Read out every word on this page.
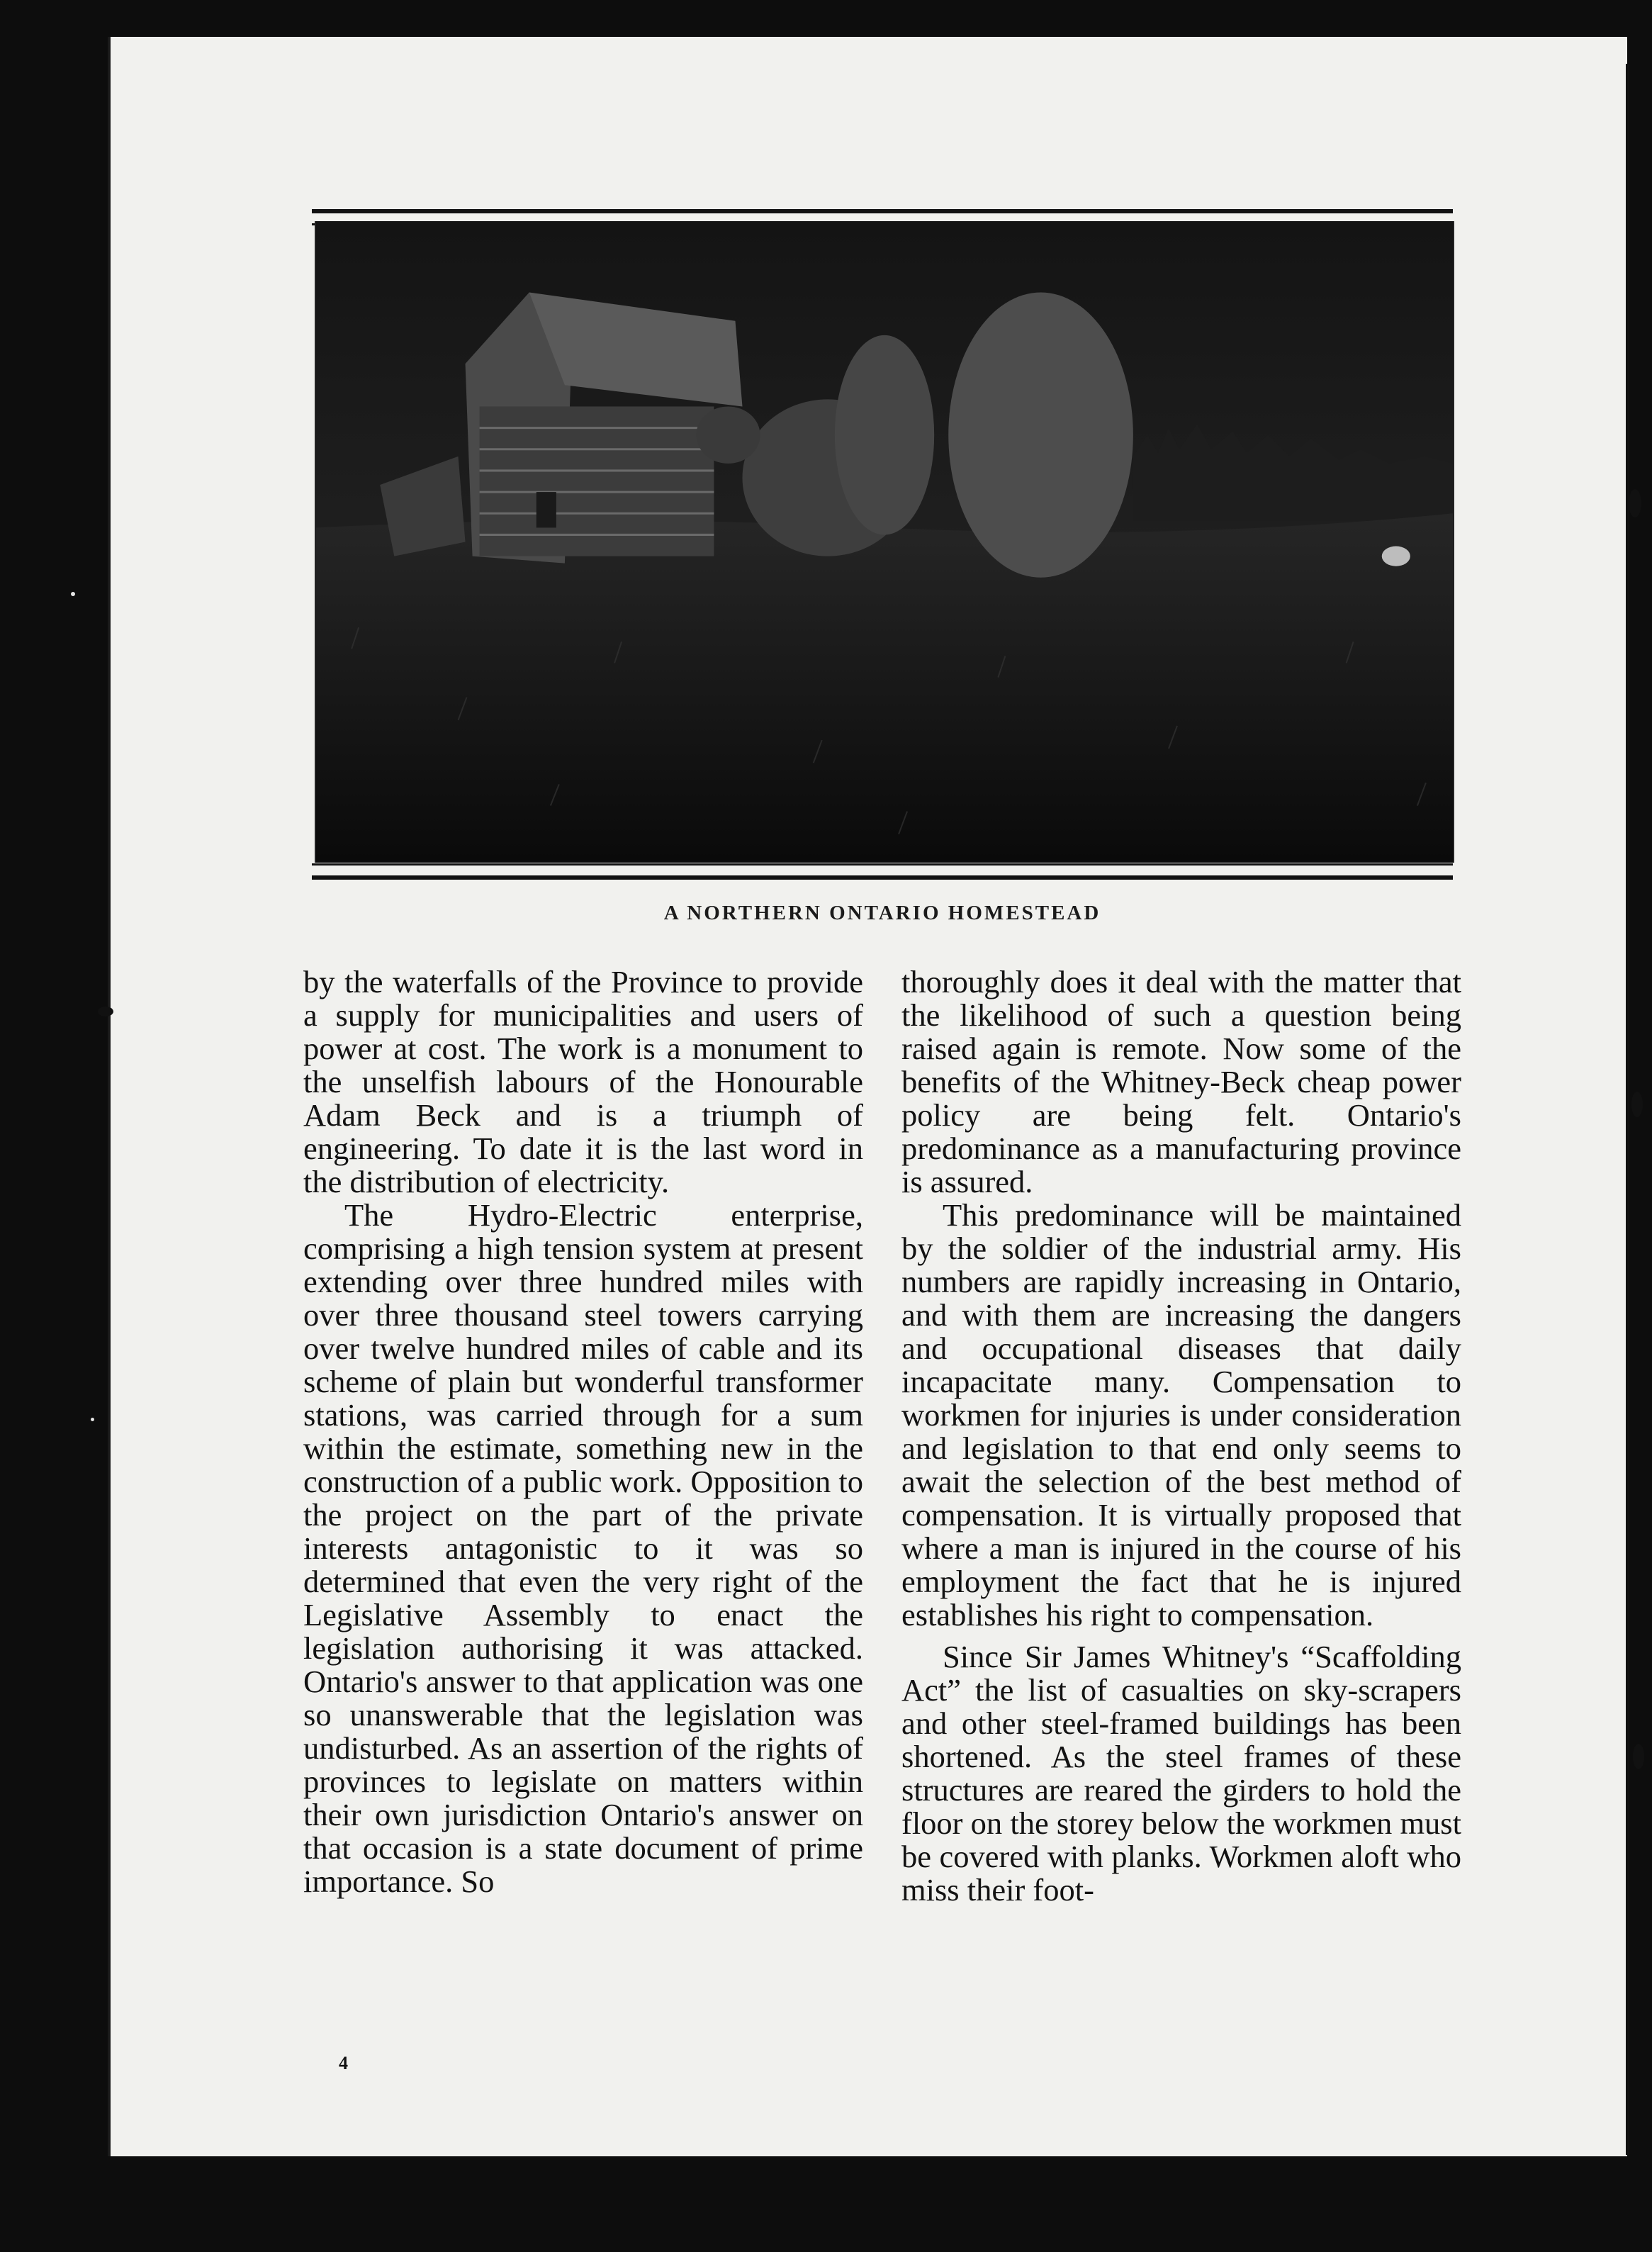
A NORTHERN ONTARIO HOMESTEAD

by the waterfalls of the Province to provide a supply for municipalities and users of power at cost. The work is a monument to the unselfish labours of the Honourable Adam Beck and is a triumph of engineering. To date it is the last word in the distribution of electricity.

The Hydro-Electric enterprise, comprising a high tension system at present extending over three hundred miles with over three thousand steel towers carrying over twelve hundred miles of cable and its scheme of plain but wonderful transformer stations, was carried through for a sum within the estimate, something new in the construction of a public work. Opposition to the project on the part of the private interests antagonistic to it was so determined that even the very right of the Legislative Assembly to enact the legislation authorising it was attacked. Ontario's answer to that application was one so unanswerable that the legislation was undisturbed. As an assertion of the rights of provinces to legislate on matters within their own jurisdiction Ontario's answer on that occasion is a state document of prime importance. So

thoroughly does it deal with the matter that the likelihood of such a question being raised again is remote. Now some of the benefits of the Whitney-Beck cheap power policy are being felt. Ontario's predominance as a manufacturing province is assured.

This predominance will be maintained by the soldier of the industrial army. His numbers are rapidly increasing in Ontario, and with them are increasing the dangers and occupational diseases that daily incapacitate many. Compensation to workmen for injuries is under consideration and legislation to that end only seems to await the selection of the best method of compensation. It is virtually proposed that where a man is injured in the course of his employment the fact that he is injured establishes his right to compensation.

Since Sir James Whitney's “Scaffolding Act” the list of casualties on sky-scrapers and other steel-framed buildings has been shortened. As the steel frames of these structures are reared the girders to hold the floor on the storey below the workmen must be covered with planks. Workmen aloft who miss their foot-

4
